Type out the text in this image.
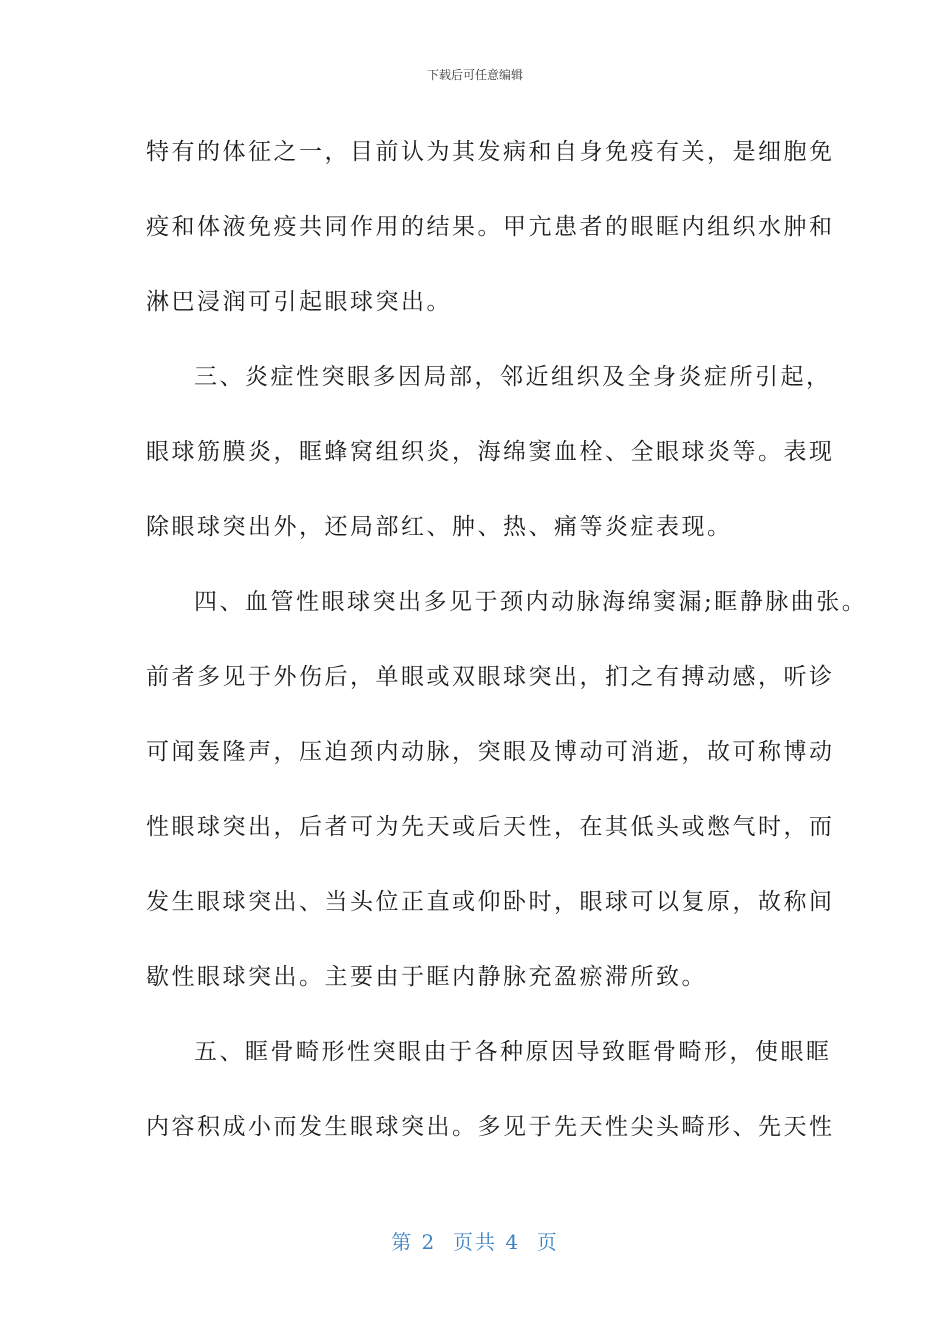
下载后可任意编辑
特有的体征之一，目前认为其发病和自身免疫有关，是细胞免
疫和体液免疫共同作用的结果。甲亢患者的眼眶内组织水肿和
淋巴浸润可引起眼球突出。
三、炎症性突眼多因局部，邻近组织及全身炎症所引起，
眼球筋膜炎，眶蜂窝组织炎，海绵窦血栓、全眼球炎等。表现
除眼球突出外，还局部红、肿、热、痛等炎症表现。
四、血管性眼球突出多见于颈内动脉海绵窦漏;眶静脉曲张。
前者多见于外伤后，单眼或双眼球突出，扪之有搏动感，听诊
可闻轰隆声，压迫颈内动脉，突眼及博动可消逝，故可称博动
性眼球突出，后者可为先天或后天性，在其低头或憋气时，而
发生眼球突出、当头位正直或仰卧时，眼球可以复原，故称间
歇性眼球突出。主要由于眶内静脉充盈瘀滞所致。
五、眶骨畸形性突眼由于各种原因导致眶骨畸形，使眼眶
内容积成小而发生眼球突出。多见于先天性尖头畸形、先天性
第 2  页共 4  页
